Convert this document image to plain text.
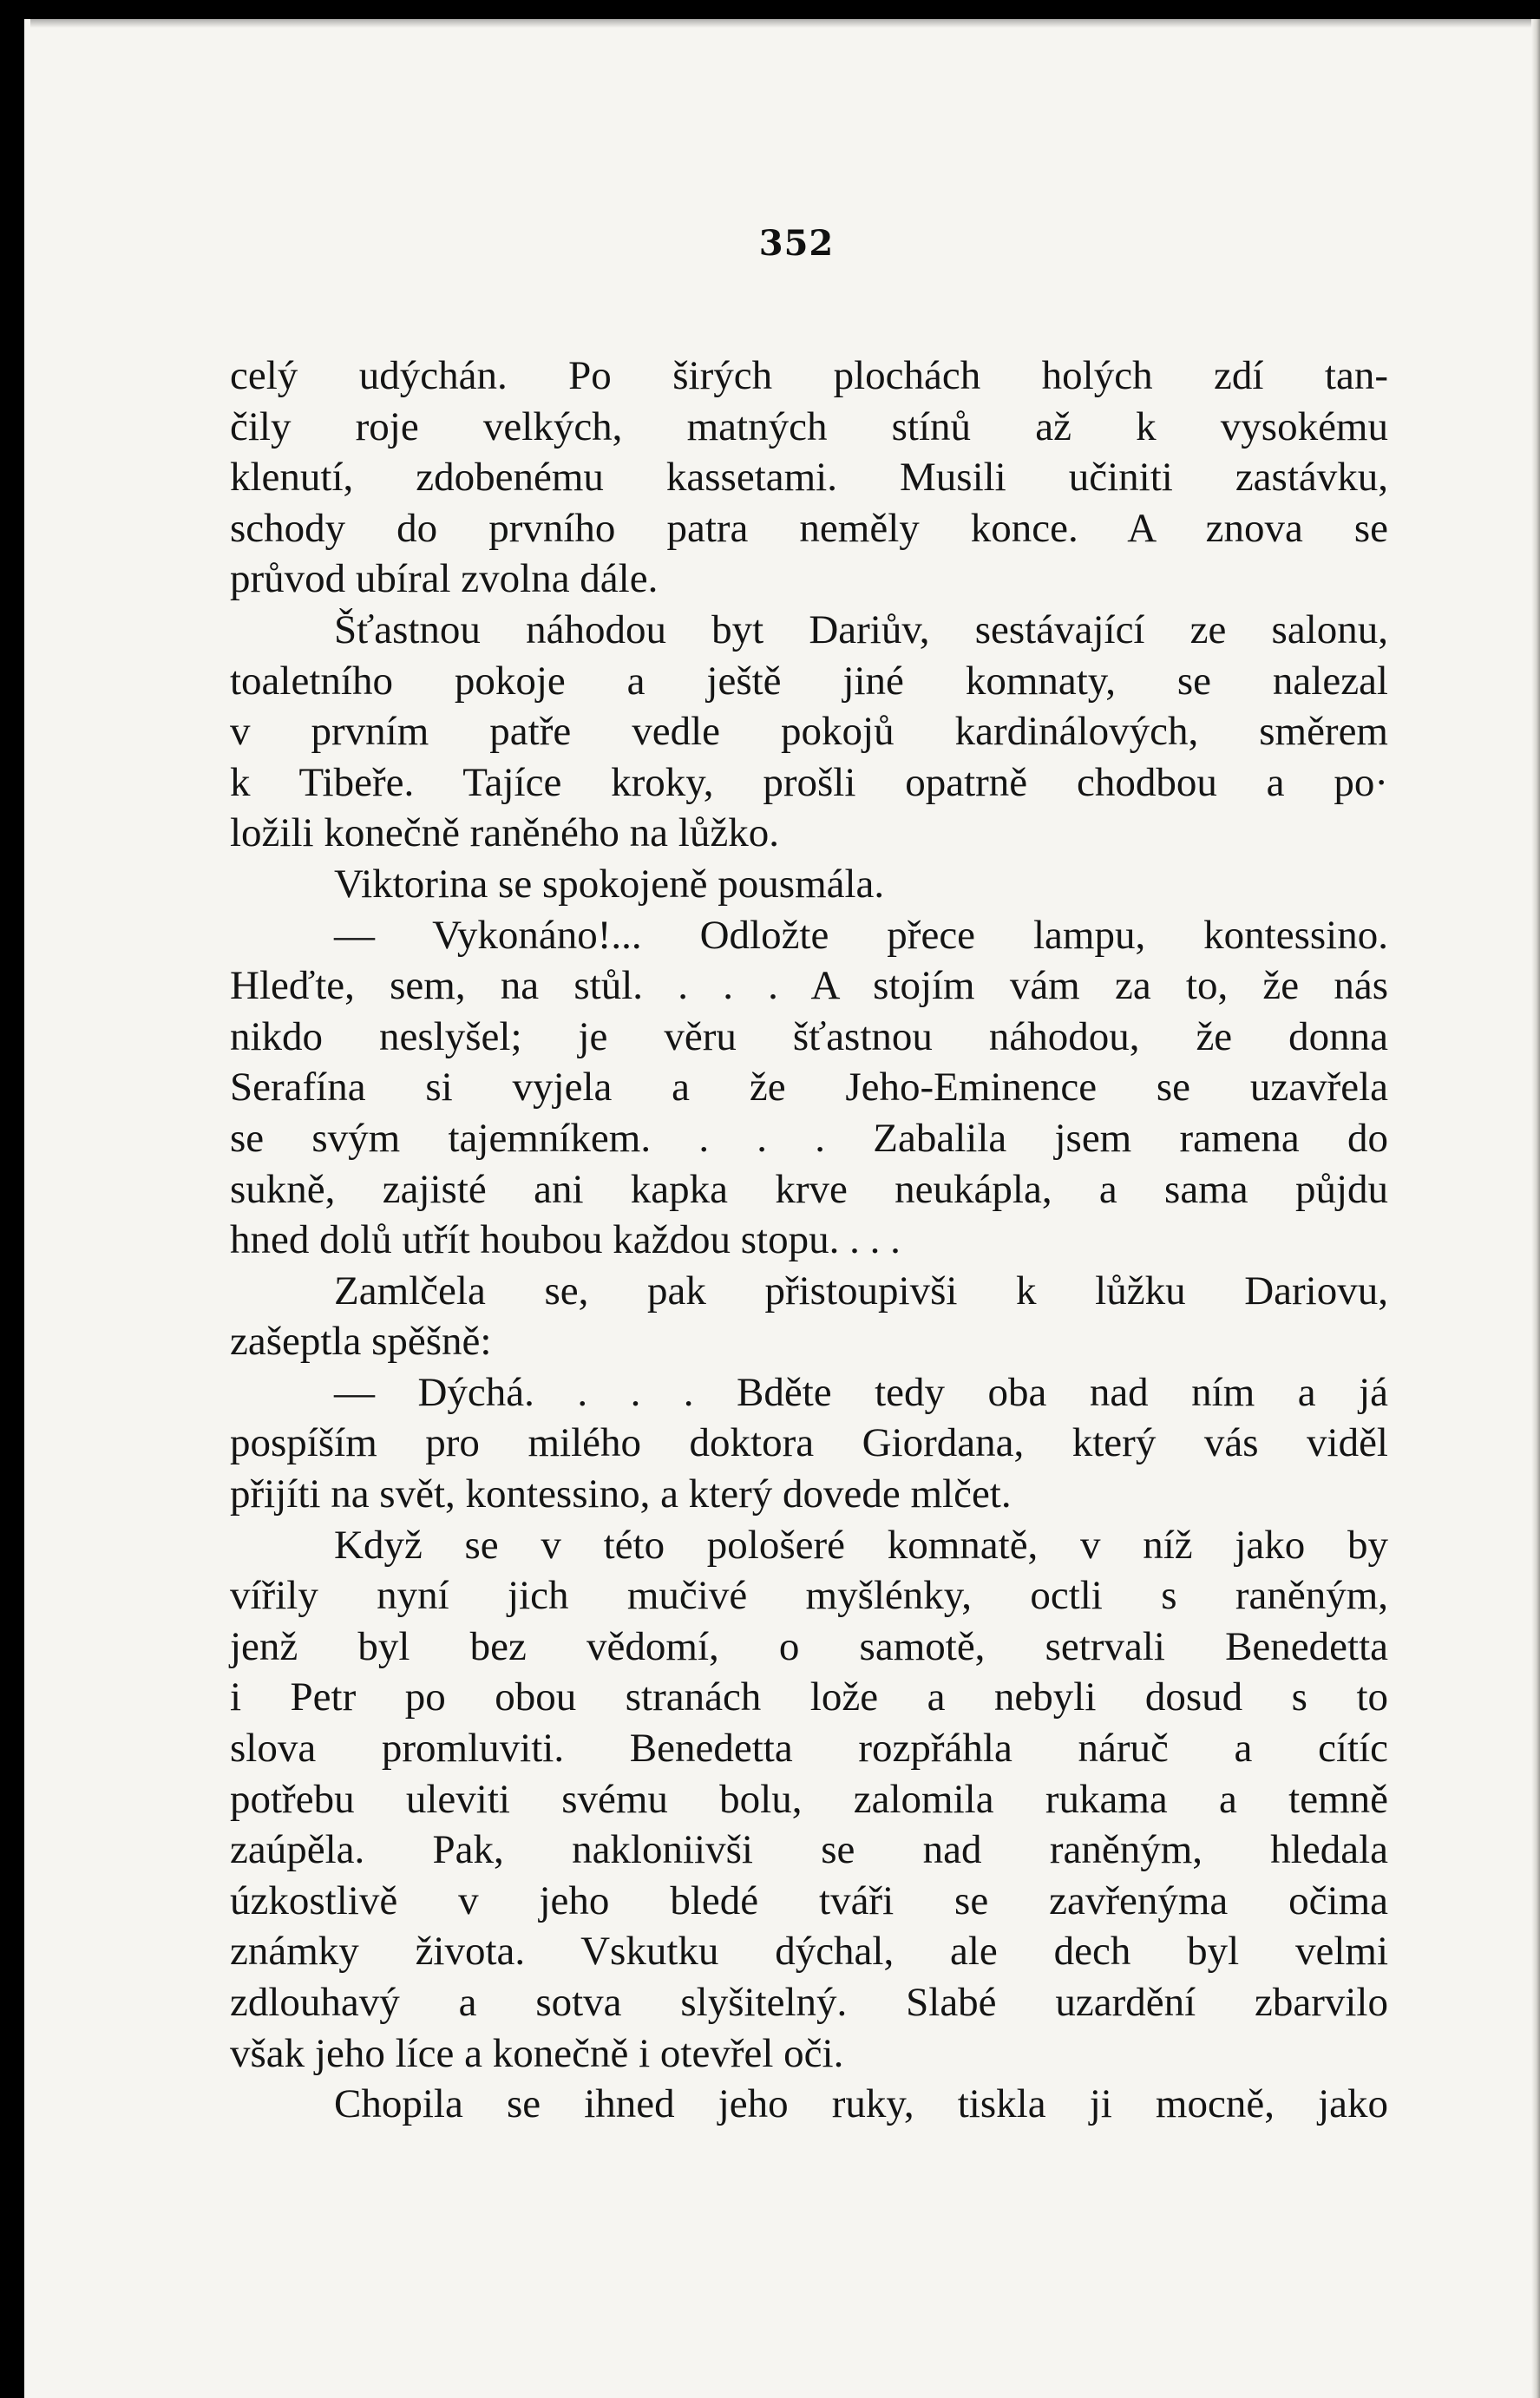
352
celý udýchán. Po širých plochách holých zdí tan-
čily roje velkých, matných stínů až k vysokému
klenutí, zdobenému kassetami. Musili učiniti zastávku,
schody do prvního patra neměly konce. A znova se
průvod ubíral zvolna dále.
Šťastnou náhodou byt Dariův, sestávající ze salonu,
toaletního pokoje a ještě jiné komnaty, se nalezal
v prvním patře vedle pokojů kardinálových, směrem
k Tibeře. Tajíce kroky, prošli opatrně chodbou a po·
ložili konečně raněného na lůžko.
Viktorina se spokojeně pousmála.
— Vykonáno!... Odložte přece lampu, kontessino.
Hleďte, sem, na stůl. . . . A stojím vám za to, že nás
nikdo neslyšel; je věru šťastnou náhodou, že donna
Serafína si vyjela a že Jeho-Eminence se uzavřela
se svým tajemníkem. . . . Zabalila jsem ramena do
sukně, zajisté ani kapka krve neukápla, a sama půjdu
hned dolů utřít houbou každou stopu. . . .
Zamlčela se, pak přistoupivši k lůžku Dariovu,
zašeptla spěšně:
— Dýchá. . . . Bděte tedy oba nad ním a já
pospíším pro milého doktora Giordana, který vás viděl
přijíti na svět, kontessino, a který dovede mlčet.
Když se v této pološeré komnatě, v níž jako by
vířily nyní jich mučivé myšlénky, octli s raněným,
jenž byl bez vědomí, o samotě, setrvali Benedetta
i Petr po obou stranách lože a nebyli dosud s to
slova promluviti. Benedetta rozpřáhla náruč a cítíc
potřebu uleviti svému bolu, zalomila rukama a temně
zaúpěla. Pak, nakloniivši se nad raněným, hledala
úzkostlivě v jeho bledé tváři se zavřenýma očima
známky života. Vskutku dýchal, ale dech byl velmi
zdlouhavý a sotva slyšitelný. Slabé uzardění zbarvilo
však jeho líce a konečně i otevřel oči.
Chopila se ihned jeho ruky, tiskla ji mocně, jako
